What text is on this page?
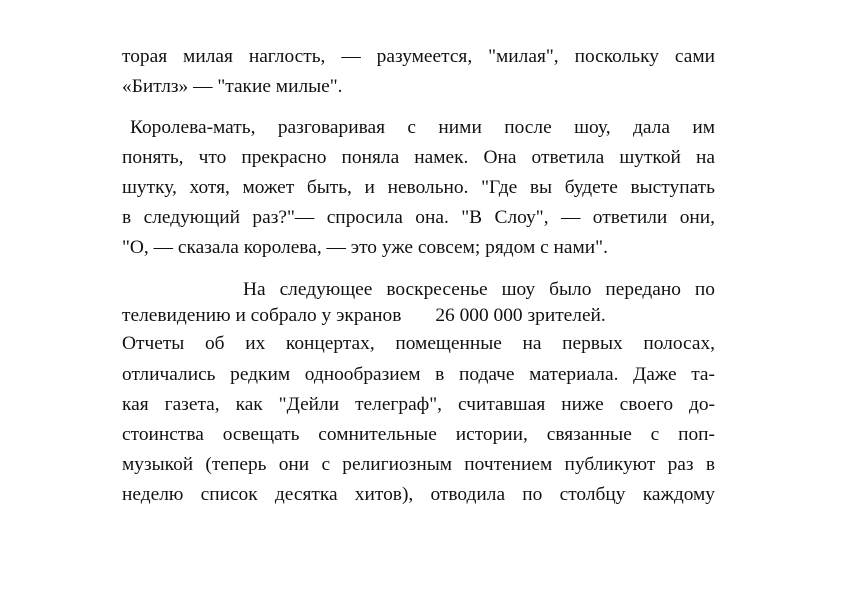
торая милая наглость, — разумеется, "милая", поскольку сами

«Битлз» — "такие милые".

Королева-мать, разговаривая с ними после шоу, дала им

понять, что прекрасно поняла намек. Она ответила шуткой на

шутку, хотя, может быть, и невольно. "Где вы будете выступать

в следующий раз?"— спросила она. "В Слоу", — ответили они,

"О, — сказала королева, — это уже совсем; рядом с нами".

На следующее воскресенье шоу было передано по

телевидению и собрало у экранов 26 000 000 зрителей.

Отчеты об их концертах, помещенные на первых полосах,

отличались редким однообразием в подаче материала. Даже та-

кая газета, как "Дейли телеграф", считавшая ниже своего до-

стоинства освещать сомнительные истории, связанные с поп-

музыкой (теперь они с религиозным почтением публикуют раз в

неделю список десятка хитов), отводила по столбцу каждому
